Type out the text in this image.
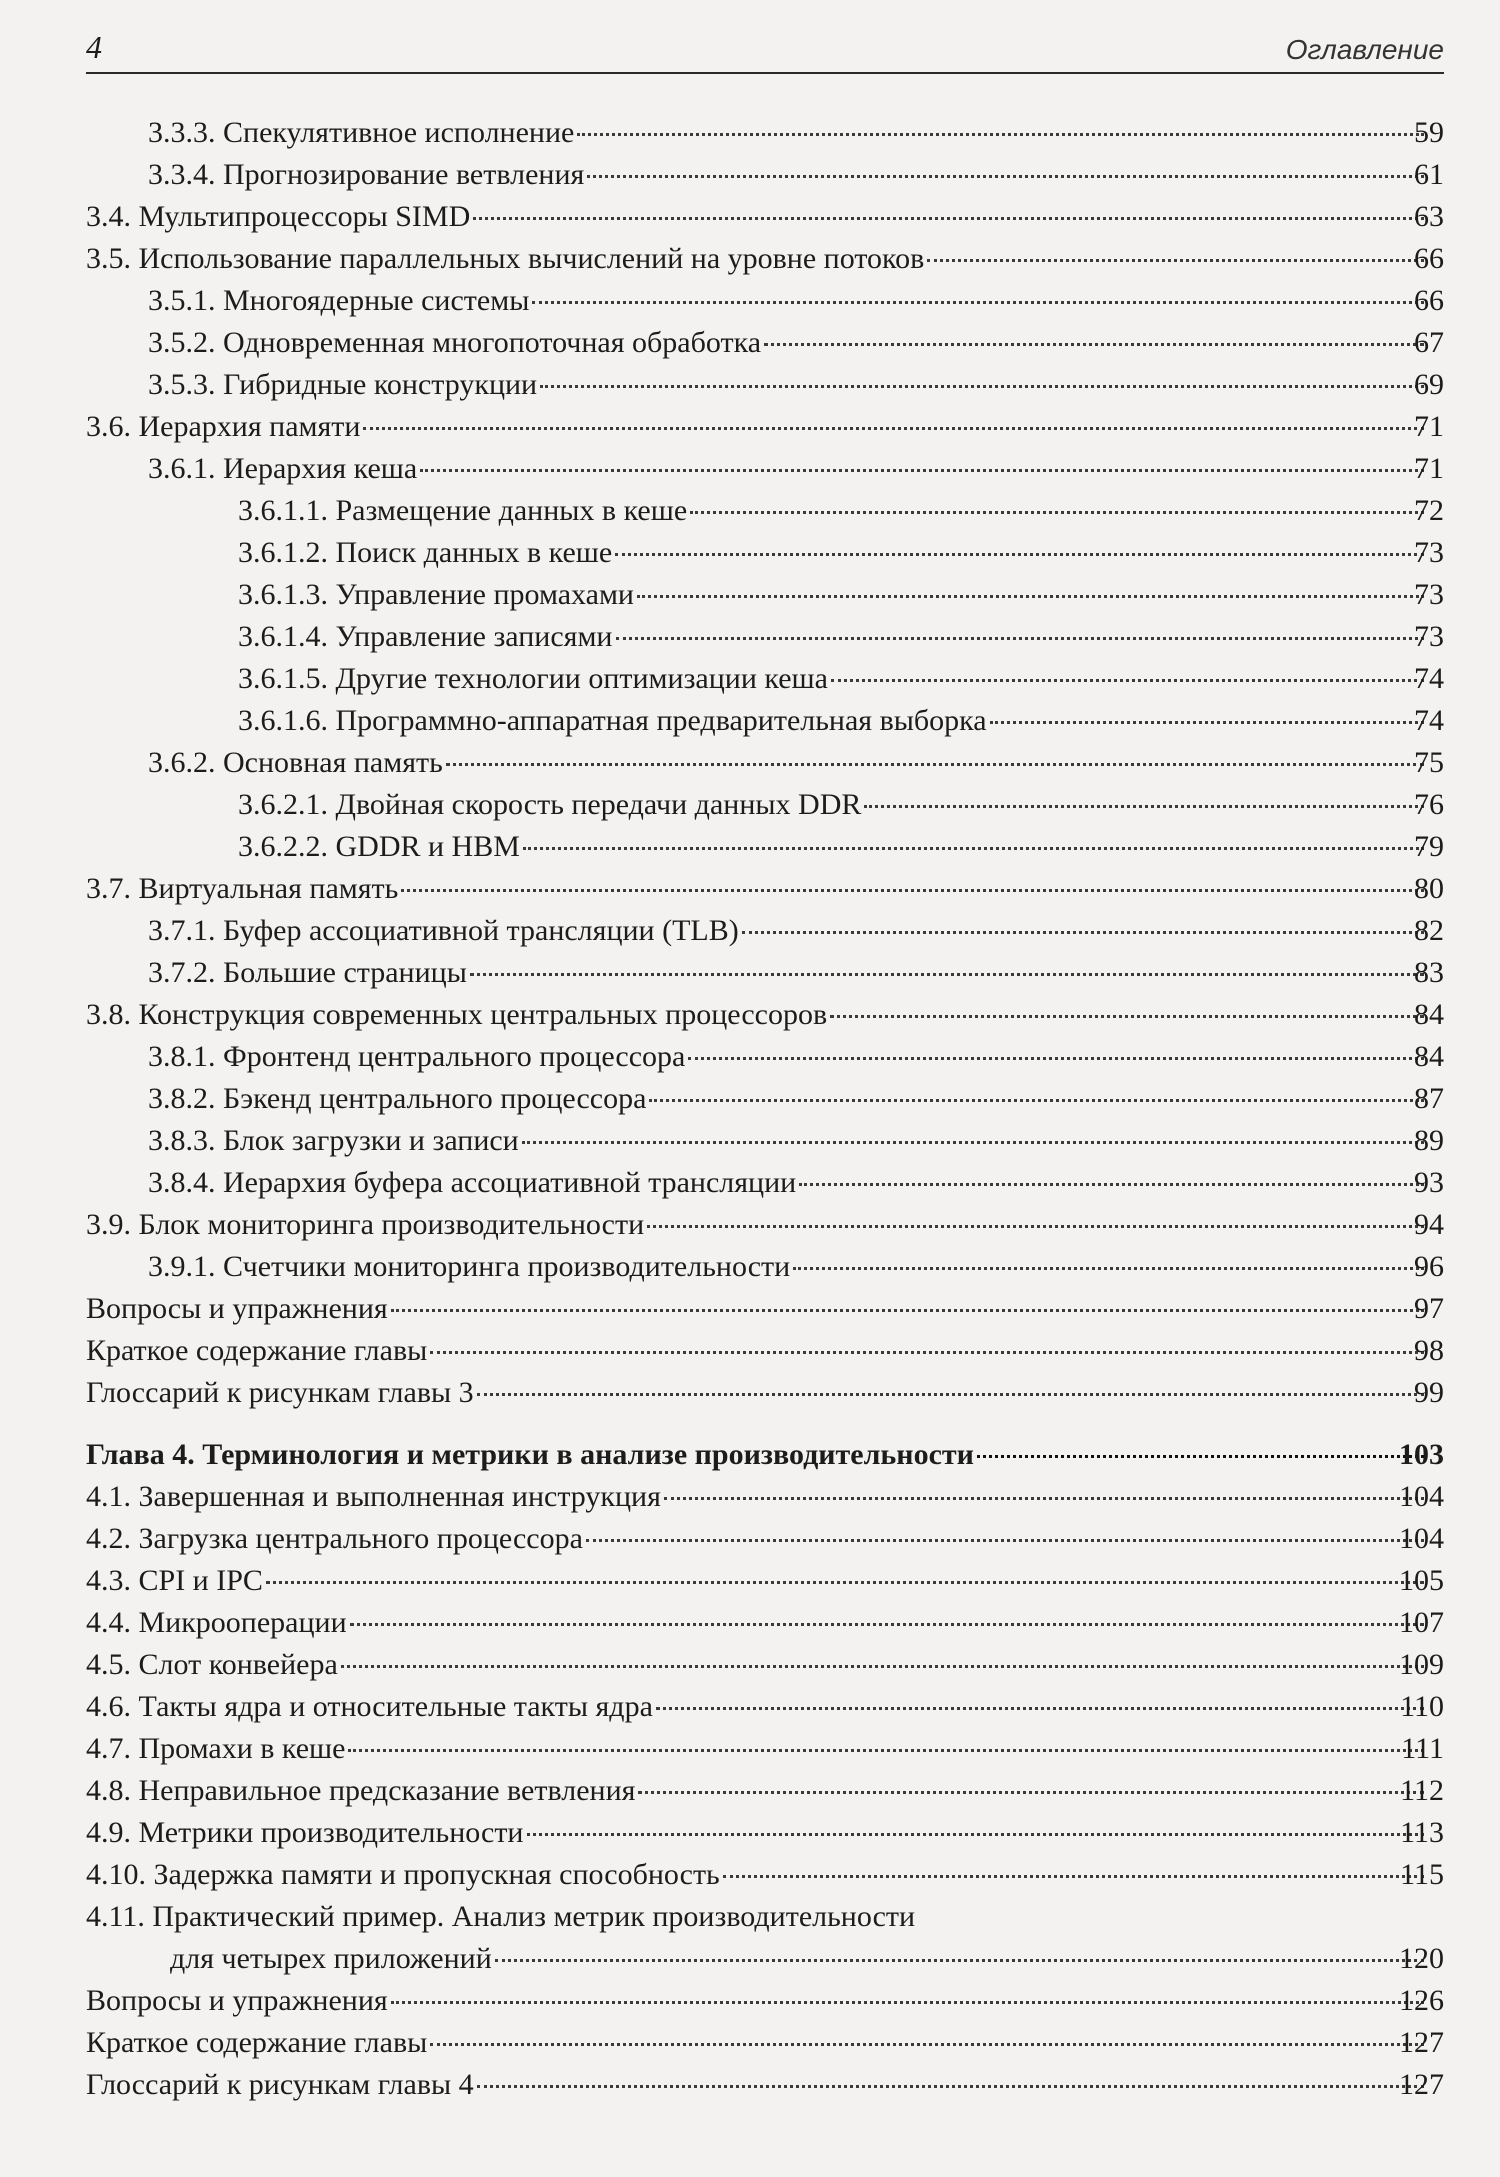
4	Оглавление
3.3.3. Спекулятивное исполнение	59
3.3.4. Прогнозирование ветвления	61
3.4. Мультипроцессоры SIMD	63
3.5. Использование параллельных вычислений на уровне потоков	66
3.5.1. Многоядерные системы	66
3.5.2. Одновременная многопоточная обработка	67
3.5.3. Гибридные конструкции	69
3.6. Иерархия памяти	71
3.6.1. Иерархия кеша	71
3.6.1.1. Размещение данных в кеше	72
3.6.1.2. Поиск данных в кеше	73
3.6.1.3. Управление промахами	73
3.6.1.4. Управление записями	73
3.6.1.5. Другие технологии оптимизации кеша	74
3.6.1.6. Программно-аппаратная предварительная выборка	74
3.6.2. Основная память	75
3.6.2.1. Двойная скорость передачи данных DDR	76
3.6.2.2. GDDR и HBM	79
3.7. Виртуальная память	80
3.7.1. Буфер ассоциативной трансляции (TLB)	82
3.7.2. Большие страницы	83
3.8. Конструкция современных центральных процессоров	84
3.8.1. Фронтенд центрального процессора	84
3.8.2. Бэкенд центрального процессора	87
3.8.3. Блок загрузки и записи	89
3.8.4. Иерархия буфера ассоциативной трансляции	93
3.9. Блок мониторинга производительности	94
3.9.1. Счетчики мониторинга производительности	96
Вопросы и упражнения	97
Краткое содержание главы	98
Глоссарий к рисункам главы 3	99
Глава 4. Терминология и метрики в анализе производительности	103
4.1. Завершенная и выполненная инструкция	104
4.2. Загрузка центрального процессора	104
4.3. CPI и IPC	105
4.4. Микрооперации	107
4.5. Слот конвейера	109
4.6. Такты ядра и относительные такты ядра	110
4.7. Промахи в кеше	111
4.8. Неправильное предсказание ветвления	112
4.9. Метрики производительности	113
4.10. Задержка памяти и пропускная способность	115
4.11. Практический пример. Анализ метрик производительности
для четырех приложений	120
Вопросы и упражнения	126
Краткое содержание главы	127
Глоссарий к рисункам главы 4	127
